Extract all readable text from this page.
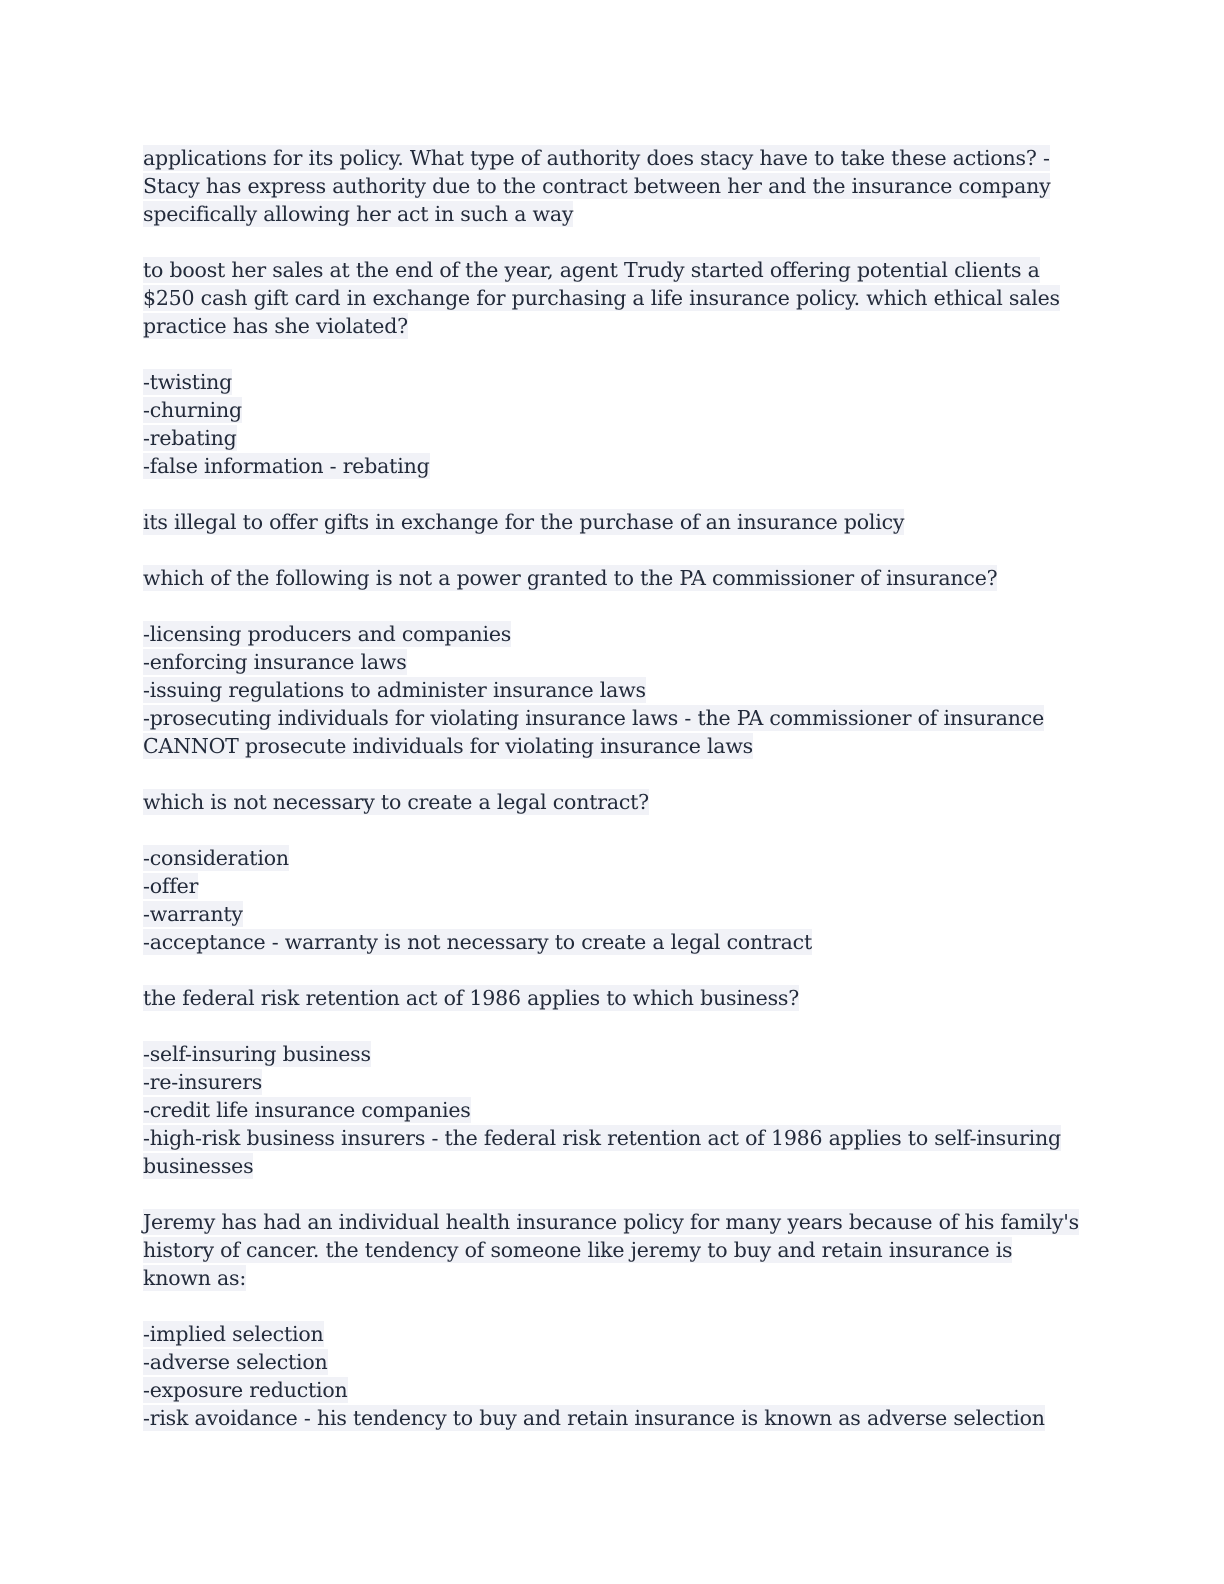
applications for its policy. What type of authority does stacy have to take these actions? -
Stacy has express authority due to the contract between her and the insurance company
specifically allowing her act in such a way
to boost her sales at the end of the year, agent Trudy started offering potential clients a
$250 cash gift card in exchange for purchasing a life insurance policy. which ethical sales
practice has she violated?
-twisting
-churning
-rebating
-false information - rebating
its illegal to offer gifts in exchange for the purchase of an insurance policy
which of the following is not a power granted to the PA commissioner of insurance?
-licensing producers and companies
-enforcing insurance laws
-issuing regulations to administer insurance laws
-prosecuting individuals for violating insurance laws - the PA commissioner of insurance
CANNOT prosecute individuals for violating insurance laws
which is not necessary to create a legal contract?
-consideration
-offer
-warranty
-acceptance - warranty is not necessary to create a legal contract
the federal risk retention act of 1986 applies to which business?
-self-insuring business
-re-insurers
-credit life insurance companies
-high-risk business insurers - the federal risk retention act of 1986 applies to self-insuring
businesses
Jeremy has had an individual health insurance policy for many years because of his family's
history of cancer. the tendency of someone like jeremy to buy and retain insurance is
known as:
-implied selection
-adverse selection
-exposure reduction
-risk avoidance - his tendency to buy and retain insurance is known as adverse selection
